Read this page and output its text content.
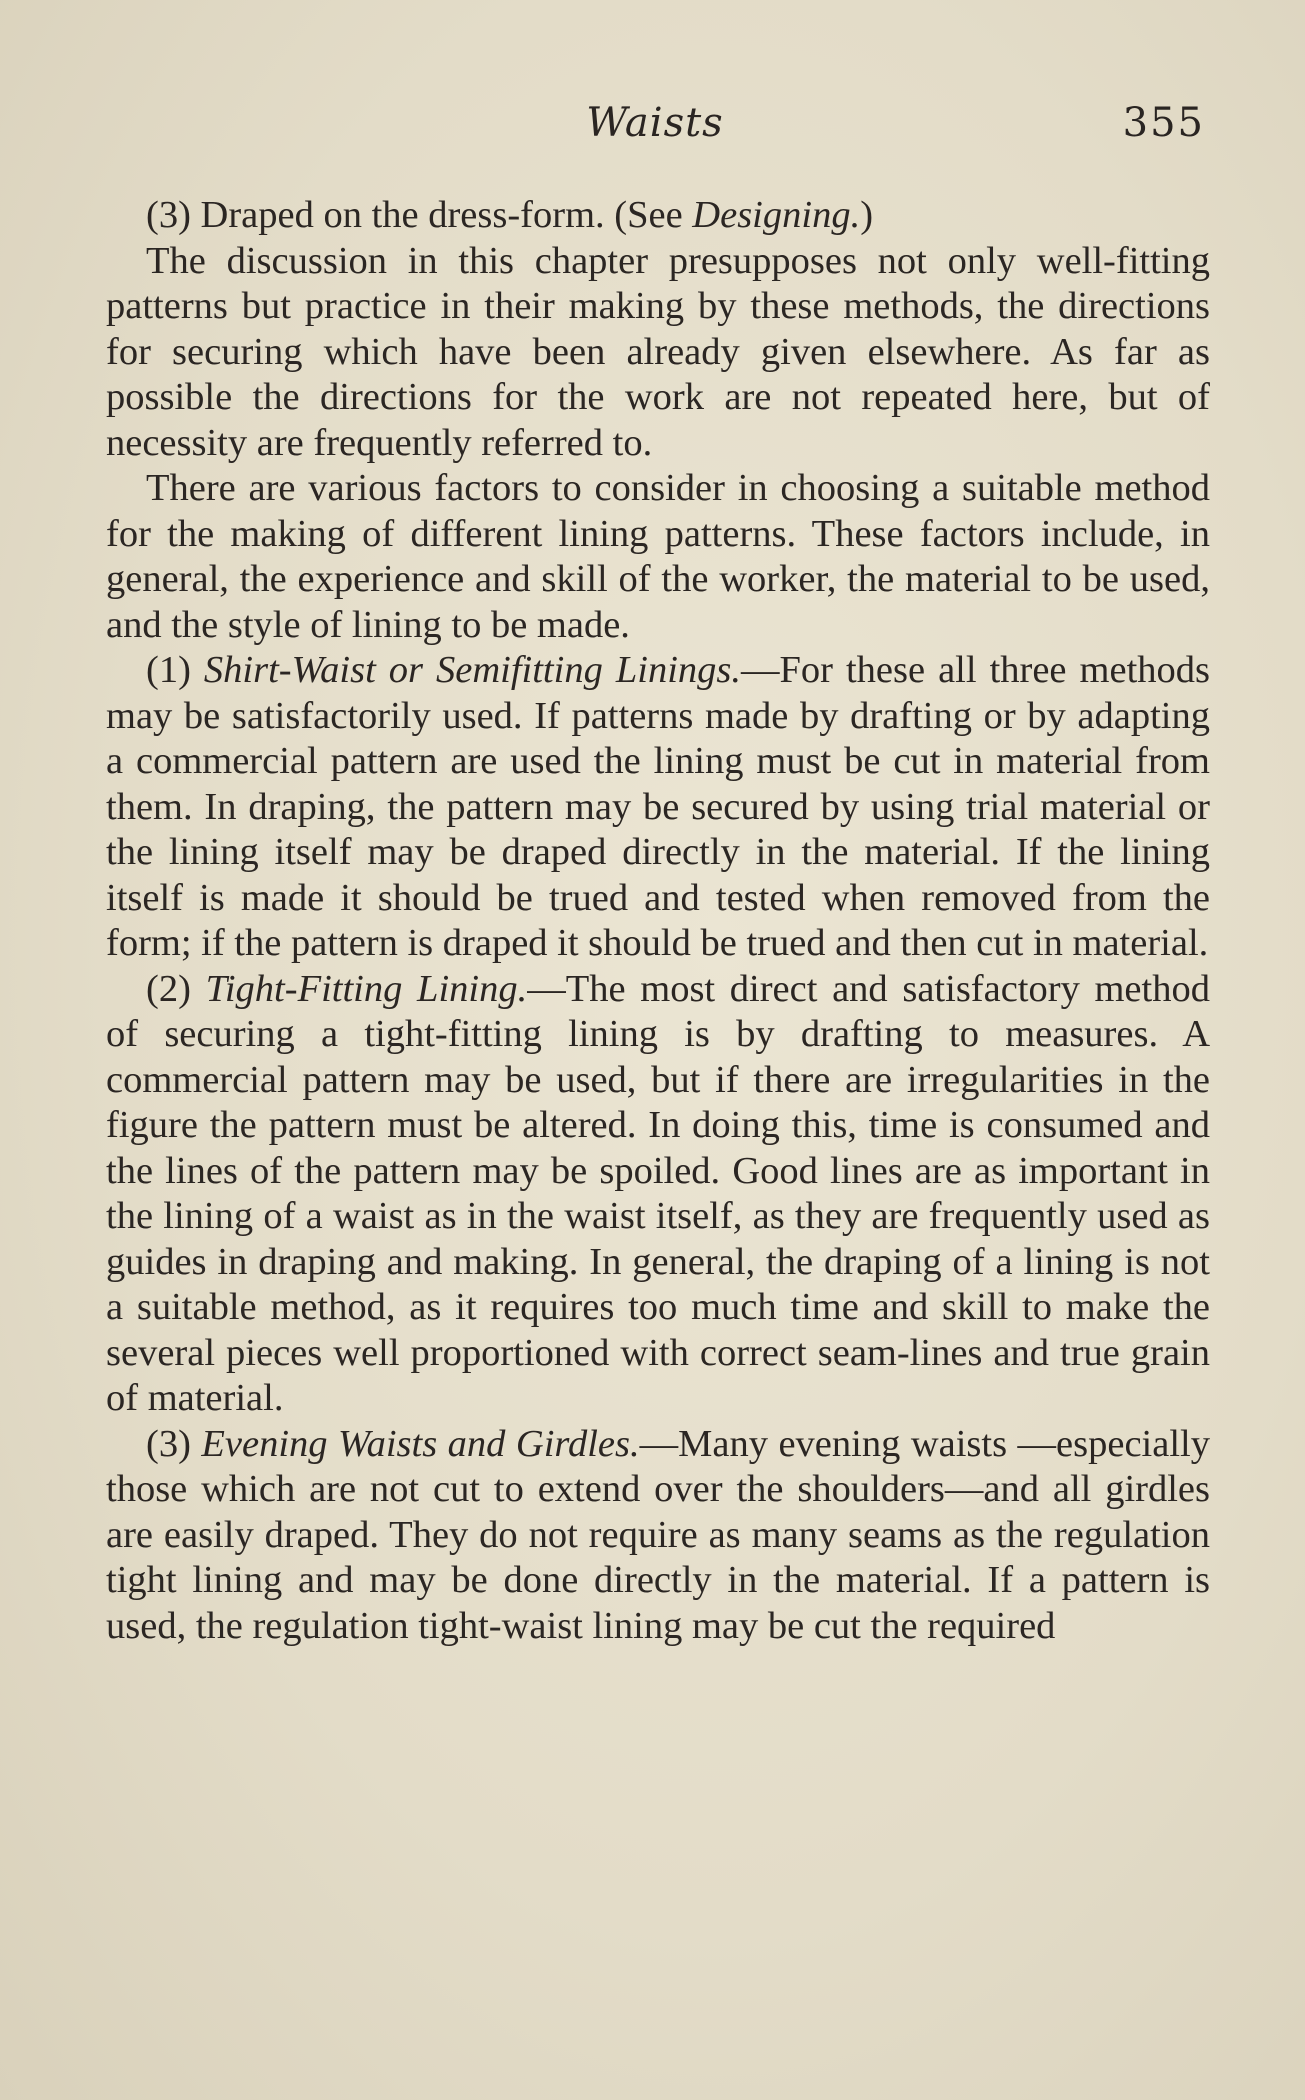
Waists	355

(3) Draped on the dress-form. (See Designing.)

The discussion in this chapter presupposes not only well-fitting patterns but practice in their making by these methods, the directions for securing which have been already given elsewhere. As far as possible the directions for the work are not repeated here, but of necessity are frequently referred to.

There are various factors to consider in choosing a suitable method for the making of different lining patterns. These factors include, in general, the experience and skill of the worker, the material to be used, and the style of lining to be made.

(1) Shirt-Waist or Semifitting Linings.—For these all three methods may be satisfactorily used. If patterns made by drafting or by adapting a commercial pattern are used the lining must be cut in material from them. In draping, the pattern may be secured by using trial material or the lining itself may be draped directly in the material. If the lining itself is made it should be trued and tested when removed from the form; if the pattern is draped it should be trued and then cut in material.

(2) Tight-Fitting Lining.—The most direct and satisfactory method of securing a tight-fitting lining is by drafting to measures. A commercial pattern may be used, but if there are irregularities in the figure the pattern must be altered. In doing this, time is consumed and the lines of the pattern may be spoiled. Good lines are as important in the lining of a waist as in the waist itself, as they are frequently used as guides in draping and making. In general, the draping of a lining is not a suitable method, as it requires too much time and skill to make the several pieces well proportioned with correct seam-lines and true grain of material.

(3) Evening Waists and Girdles.—Many evening waists —especially those which are not cut to extend over the shoulders—and all girdles are easily draped. They do not require as many seams as the regulation tight lining and may be done directly in the material. If a pattern is used, the regulation tight-waist lining may be cut the required
